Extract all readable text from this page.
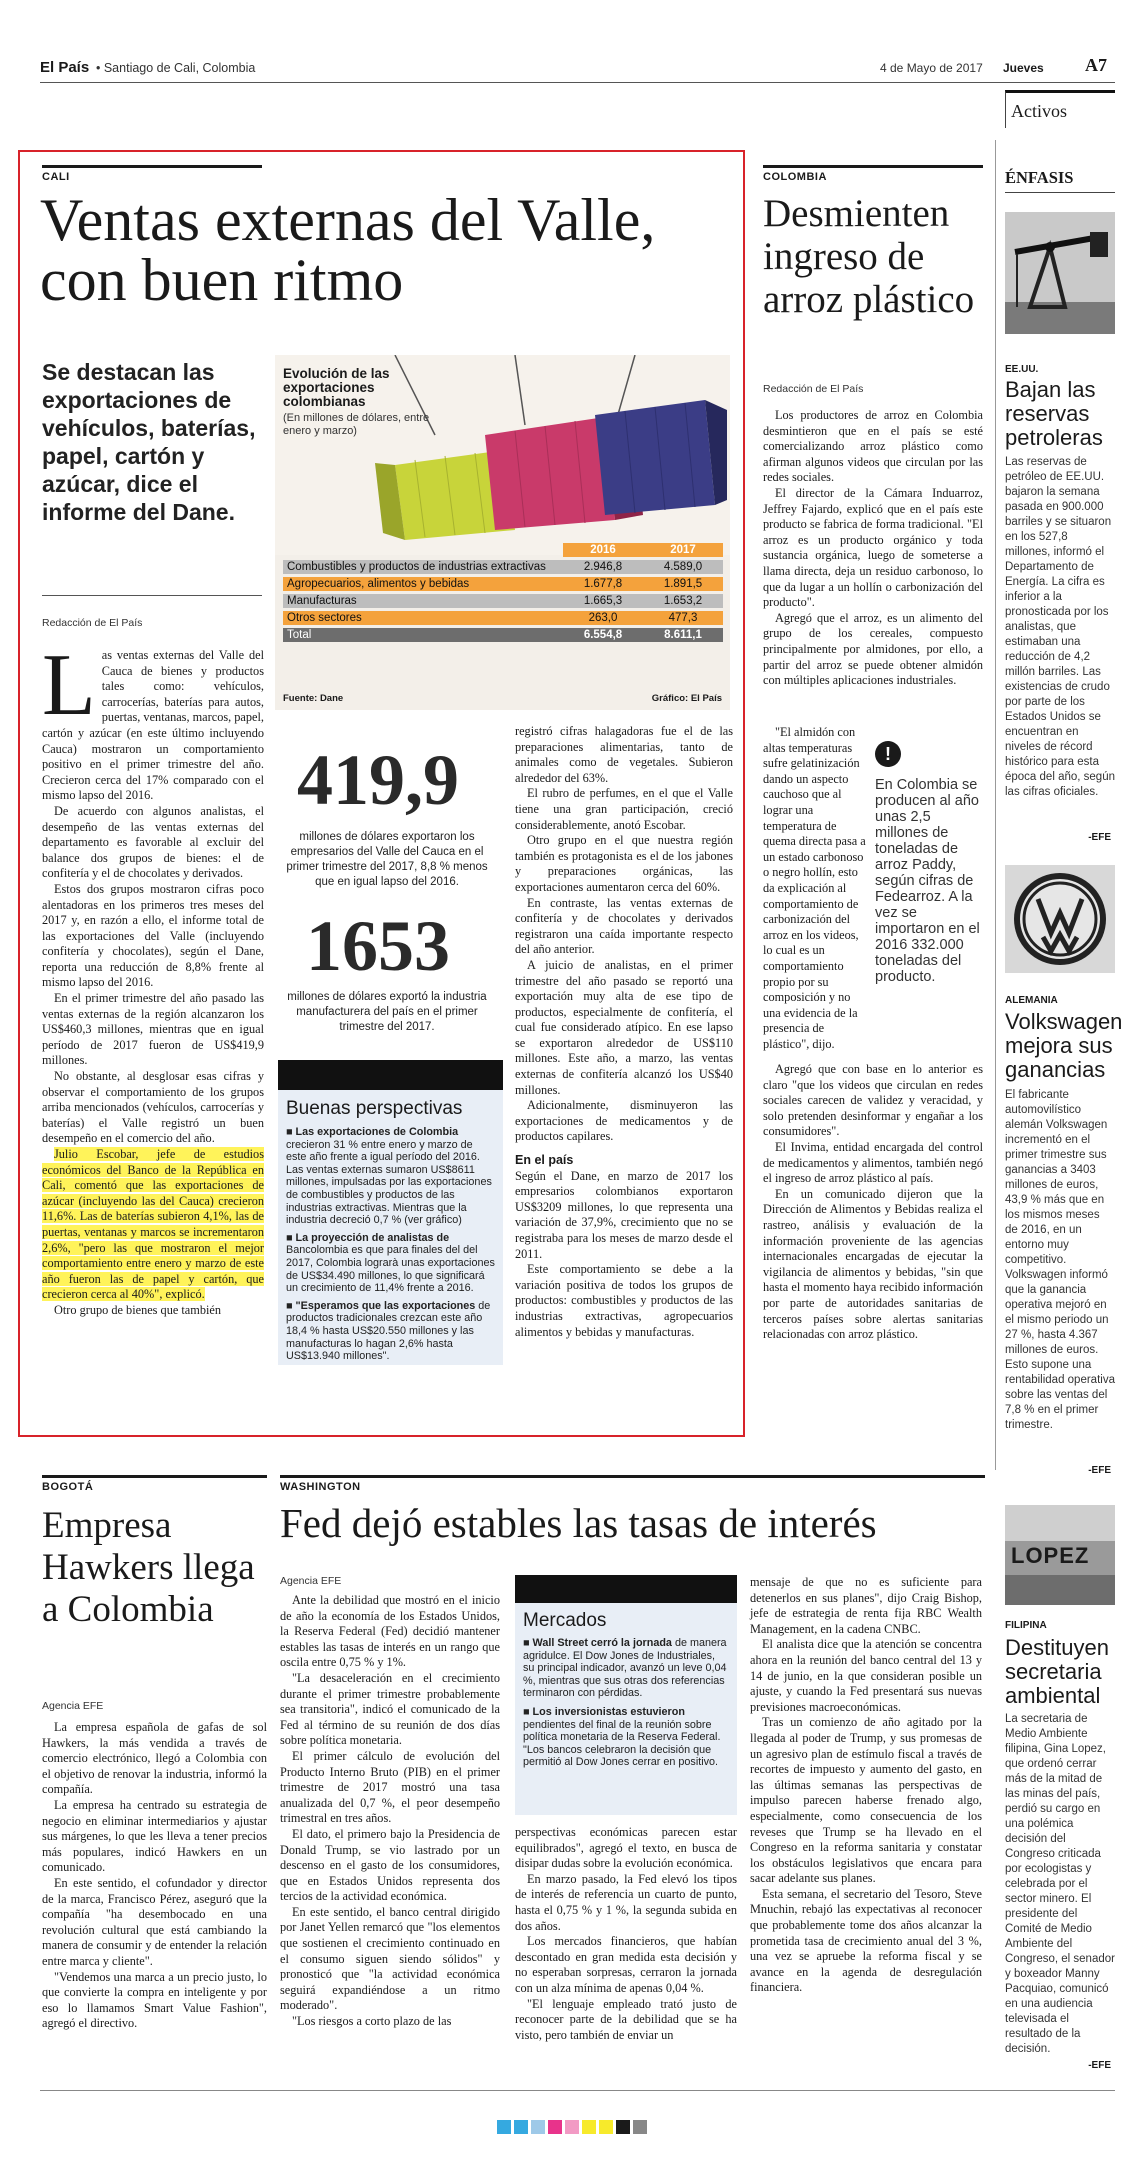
El País • Santiago de Cali, Colombia	4 de Mayo de 2017 Jueves A7
Activos
CALI
Ventas externas del Valle, con buen ritmo
Se destacan las exportaciones de vehículos, baterías, papel, cartón y azúcar, dice el informe del Dane.
Redacción de El País
Evolución de las exportaciones colombianas
(En millones de dólares, entre enero y marzo)
	2016	2017
Combustibles y productos de industrias extractivas	2.946,8	4.589,0
Agropecuarios, alimentos y bebidas	1.677,8	1.891,5
Manufacturas	1.665,3	1.653,2
Otros sectores	263,0	477,3
Total	6.554,8	8.611,1
Fuente: Dane	Gráfico: El País
L as ventas externas del Valle del Cauca de bienes y productos tales como: vehículos, carrocerías, baterías para autos, puertas, ventanas, marcos, papel, cartón y azúcar (en este último incluyendo Cauca) mostraron un comportamiento positivo en el primer trimestre del año. Crecieron cerca del 17% comparado con el mismo lapso del 2016.

De acuerdo con algunos analistas, el desempeño de las ventas externas del departamento es favorable al excluir del balance dos grupos de bienes: el de confitería y el de chocolates y derivados.

Estos dos grupos mostraron cifras poco alentadoras en los primeros tres meses del 2017 y, en razón a ello, el informe total de las exportaciones del Valle (incluyendo confitería y chocolates), según el Dane, reporta una reducción de 8,8% frente al mismo lapso del 2016.

En el primer trimestre del año pasado las ventas externas de la región alcanzaron los US$460,3 millones, mientras que en igual período de 2017 fueron de US$419,9 millones.

No obstante, al desglosar esas cifras y observar el comportamiento de los grupos arriba mencionados (vehículos, carrocerías y baterías) el Valle registró un buen desempeño en el comercio del año.

Julio Escobar, jefe de estudios económicos del Banco de la República en Cali, comentó que las exportaciones de azúcar (incluyendo las del Cauca) crecieron 11,6%. Las de baterías subieron 4,1%, las de puertas, ventanas y marcos se incrementaron 2,6%, "pero las que mostraron el mejor comportamiento entre enero y marzo de este año fueron las de papel y cartón, que crecieron cerca al 40%", explicó.

Otro grupo de bienes que también

419,9
millones de dólares exportaron los empresarios del Valle del Cauca en el primer trimestre del 2017, 8,8 % menos que en igual lapso del 2016.
1653
millones de dólares exportó la industria manufacturera del país en el primer trimestre del 2017.
Buenas perspectivas

■ Las exportaciones de Colombia crecieron 31 % entre enero y marzo de este año frente a igual período del 2016. Las ventas externas sumaron US$8611 millones, impulsadas por las exportaciones de combustibles y productos de las industrias extractivas. Mientras que la industria decreció 0,7 % (ver gráfico)

■ La proyección de analistas de Bancolombia es que para finales del del 2017, Colombia lograrà unas exportaciones de US$34.490 millones, lo que significará un crecimiento de 11,4% frente a 2016.

■ "Esperamos que las exportaciones de productos tradicionales crezcan este año 18,4 % hasta US$20.550 millones y las manufacturas lo hagan 2,6% hasta US$13.940 millones".

registró cifras halagadoras fue el de las preparaciones alimentarias, tanto de animales como de vegetales. Subieron alrededor del 63%.

El rubro de perfumes, en el que el Valle tiene una gran participación, creció considerablemente, anotó Escobar.

Otro grupo en el que nuestra región también es protagonista es el de los jabones y preparaciones orgánicas, las exportaciones aumentaron cerca del 60%.

En contraste, las ventas externas de confitería y de chocolates y derivados registraron una caída importante respecto del año anterior.

A juicio de analistas, en el primer trimestre del año pasado se reportó una exportación muy alta de ese tipo de productos, especialmente de confitería, el cual fue considerado atípico. En ese lapso se exportaron alrededor de US$110 millones. Este año, a marzo, las ventas externas de confitería alcanzó los US$40 millones.

Adicionalmente, disminuyeron las exportaciones de medicamentos y de productos capilares.

En el país

Según el Dane, en marzo de 2017 los empresarios colombianos exportaron US$3209 millones, lo que representa una variación de 37,9%, crecimiento que no se registraba para los meses de marzo desde el 2011.

Este comportamiento se debe a la variación positiva de todos los grupos de productos: combustibles y productos de las industrias extractivas, agropecuarios alimentos y bebidas y manufacturas.

COLOMBIA
Desmienten ingreso de arroz plástico
Redacción de El País

Los productores de arroz en Colombia desmintieron que en el país se esté comercializando arroz plástico como afirman algunos videos que circulan por las redes sociales.

El director de la Cámara Induarroz, Jeffrey Fajardo, explicó que en el país este producto se fabrica de forma tradicional. "El arroz es un producto orgánico y toda sustancia orgánica, luego de someterse a llama directa, deja un residuo carbonoso, lo que da lugar a un hollín o carbonización del producto".

Agregó que el arroz, es un alimento del grupo de los cereales, compuesto principalmente por almidones, por ello, a partir del arroz se puede obtener almidón con múltiples aplicaciones industriales.

"El almidón con altas temperaturas sufre gelatinización dando un aspecto cauchoso que al lograr una temperatura de quema directa pasa a un estado carbonoso o negro hollín, esto da explicación al comportamiento de carbonización del arroz en los videos, lo cual es un comportamiento propio por su composición y no una evidencia de la presencia de plástico", dijo.

!
En Colombia se producen al año unas 2,5 millones de toneladas de arroz Paddy, según cifras de Fedearroz. A la vez se importaron en el 2016 332.000 toneladas del producto.

Agregó que con base en lo anterior es claro "que los videos que circulan en redes sociales carecen de validez y veracidad, y solo pretenden desinformar y engañar a los consumidores".

El Invima, entidad encargada del control de medicamentos y alimentos, también negó el ingreso de arroz plástico al país.

En un comunicado dijeron que la Dirección de Alimentos y Bebidas realiza el rastreo, análisis y evaluación de la información proveniente de las agencias internacionales encargadas de ejecutar la vigilancia de alimentos y bebidas, "sin que hasta el momento haya recibido información por parte de autoridades sanitarias de terceros países sobre alertas sanitarias relacionadas con arroz plástico.

ÉNFASIS
EE.UU.
Bajan las reservas petroleras
Las reservas de petróleo de EE.UU. bajaron la semana pasada en 900.000 barriles y se situaron en los 527,8 millones, informó el Departamento de Energía. La cifra es inferior a la pronosticada por los analistas, que estimaban una reducción de 4,2 millón barriles. Las existencias de crudo por parte de los Estados Unidos se encuentran en niveles de récord histórico para esta época del año, según las cifras oficiales.
-EFE
ALEMANIA
Volkswagen mejora sus ganancias
El fabricante automovilístico alemán Volkswagen incrementó en el primer trimestre sus ganancias a 3403 millones de euros, 43,9 % más que en los mismos meses de 2016, en un entorno muy competitivo. Volkswagen informó que la ganancia operativa mejoró en el mismo periodo un 27 %, hasta 4.367 millones de euros. Esto supone una rentabilidad operativa sobre las ventas del 7,8 % en el primer trimestre.
-EFE
LOPEZ
FILIPINA
Destituyen secretaria ambiental
La secretaria de Medio Ambiente filipina, Gina Lopez, que ordenó cerrar más de la mitad de las minas del país, perdió su cargo en una polémica decisión del Congreso criticada por ecologistas y celebrada por el sector minero. El presidente del Comité de Medio Ambiente del Congreso, el senador y boxeador Manny Pacquiao, comunicó en una audiencia televisada el resultado de la decisión.
-EFE
BOGOTÁ
Empresa Hawkers llega a Colombia
Agencia EFE

La empresa española de gafas de sol Hawkers, la más vendida a través de comercio electrónico, llegó a Colombia con el objetivo de renovar la industria, informó la compañía.

La empresa ha centrado su estrategia de negocio en eliminar intermediarios y ajustar sus márgenes, lo que les lleva a tener precios más populares, indicó Hawkers en un comunicado.

En este sentido, el cofundador y director de la marca, Francisco Pérez, aseguró que la compañía "ha desembocado en una revolución cultural que está cambiando la manera de consumir y de entender la relación entre marca y cliente".

"Vendemos una marca a un precio justo, lo que convierte la compra en inteligente y por eso lo llamamos Smart Value Fashion", agregó el directivo.

WASHINGTON
Fed dejó estables las tasas de interés
Agencia EFE

Ante la debilidad que mostró en el inicio de año la economía de los Estados Unidos, la Reserva Federal (Fed) decidió mantener estables las tasas de interés en un rango que oscila entre 0,75 % y 1%.

"La desaceleración en el crecimiento durante el primer trimestre probablemente sea transitoria", indicó el comunicado de la Fed al término de su reunión de dos días sobre política monetaria.

El primer cálculo de evolución del Producto Interno Bruto (PIB) en el primer trimestre de 2017 mostró una tasa anualizada del 0,7 %, el peor desempeño trimestral en tres años.

El dato, el primero bajo la Presidencia de Donald Trump, se vio lastrado por un descenso en el gasto de los consumidores, que en Estados Unidos representa dos tercios de la actividad económica.

En este sentido, el banco central dirigido por Janet Yellen remarcó que "los elementos que sostienen el crecimiento continuado en el consumo siguen siendo sólidos" y pronosticó que "la actividad económica seguirá expandiéndose a un ritmo moderado".

"Los riesgos a corto plazo de las

Mercados

■ Wall Street cerró la jornada de manera agridulce. El Dow Jones de Industriales, su principal indicador, avanzó un leve 0,04 %, mientras que sus otras dos referencias terminaron con pérdidas.

■ Los inversionistas estuvieron pendientes del final de la reunión sobre política monetaria de la Reserva Federal. "Los bancos celebraron la decisión que permitió al Dow Jones cerrar en positivo.

perspectivas económicas parecen estar equilibrados", agregó el texto, en busca de disipar dudas sobre la evolución económica.

En marzo pasado, la Fed elevó los tipos de interés de referencia un cuarto de punto, hasta el 0,75 % y 1 %, la segunda subida en dos años.

Los mercados financieros, que habían descontado en gran medida esta decisión y no esperaban sorpresas, cerraron la jornada con un alza mínima de apenas 0,04 %.

"El lenguaje empleado trató justo de reconocer parte de la debilidad que se ha visto, pero también de enviar un

mensaje de que no es suficiente para detenerlos en sus planes", dijo Craig Bishop, jefe de estrategia de renta fija RBC Wealth Management, en la cadena CNBC.

El analista dice que la atención se concentra ahora en la reunión del banco central del 13 y 14 de junio, en la que consideran posible un ajuste, y cuando la Fed presentará sus nuevas previsiones macroeconómicas.

Tras un comienzo de año agitado por la llegada al poder de Trump, y sus promesas de un agresivo plan de estímulo fiscal a través de recortes de impuesto y aumento del gasto, en las últimas semanas las perspectivas de impulso parecen haberse frenado algo, especialmente, como consecuencia de los reveses que Trump se ha llevado en el Congreso en la reforma sanitaria y constatar los obstáculos legislativos que encara para sacar adelante sus planes.

Esta semana, el secretario del Tesoro, Steve Mnuchin, rebajó las expectativas al reconocer que probablemente tome dos años alcanzar la prometida tasa de crecimiento anual del 3 %, una vez se apruebe la reforma fiscal y se avance en la agenda de desregulación financiera.
